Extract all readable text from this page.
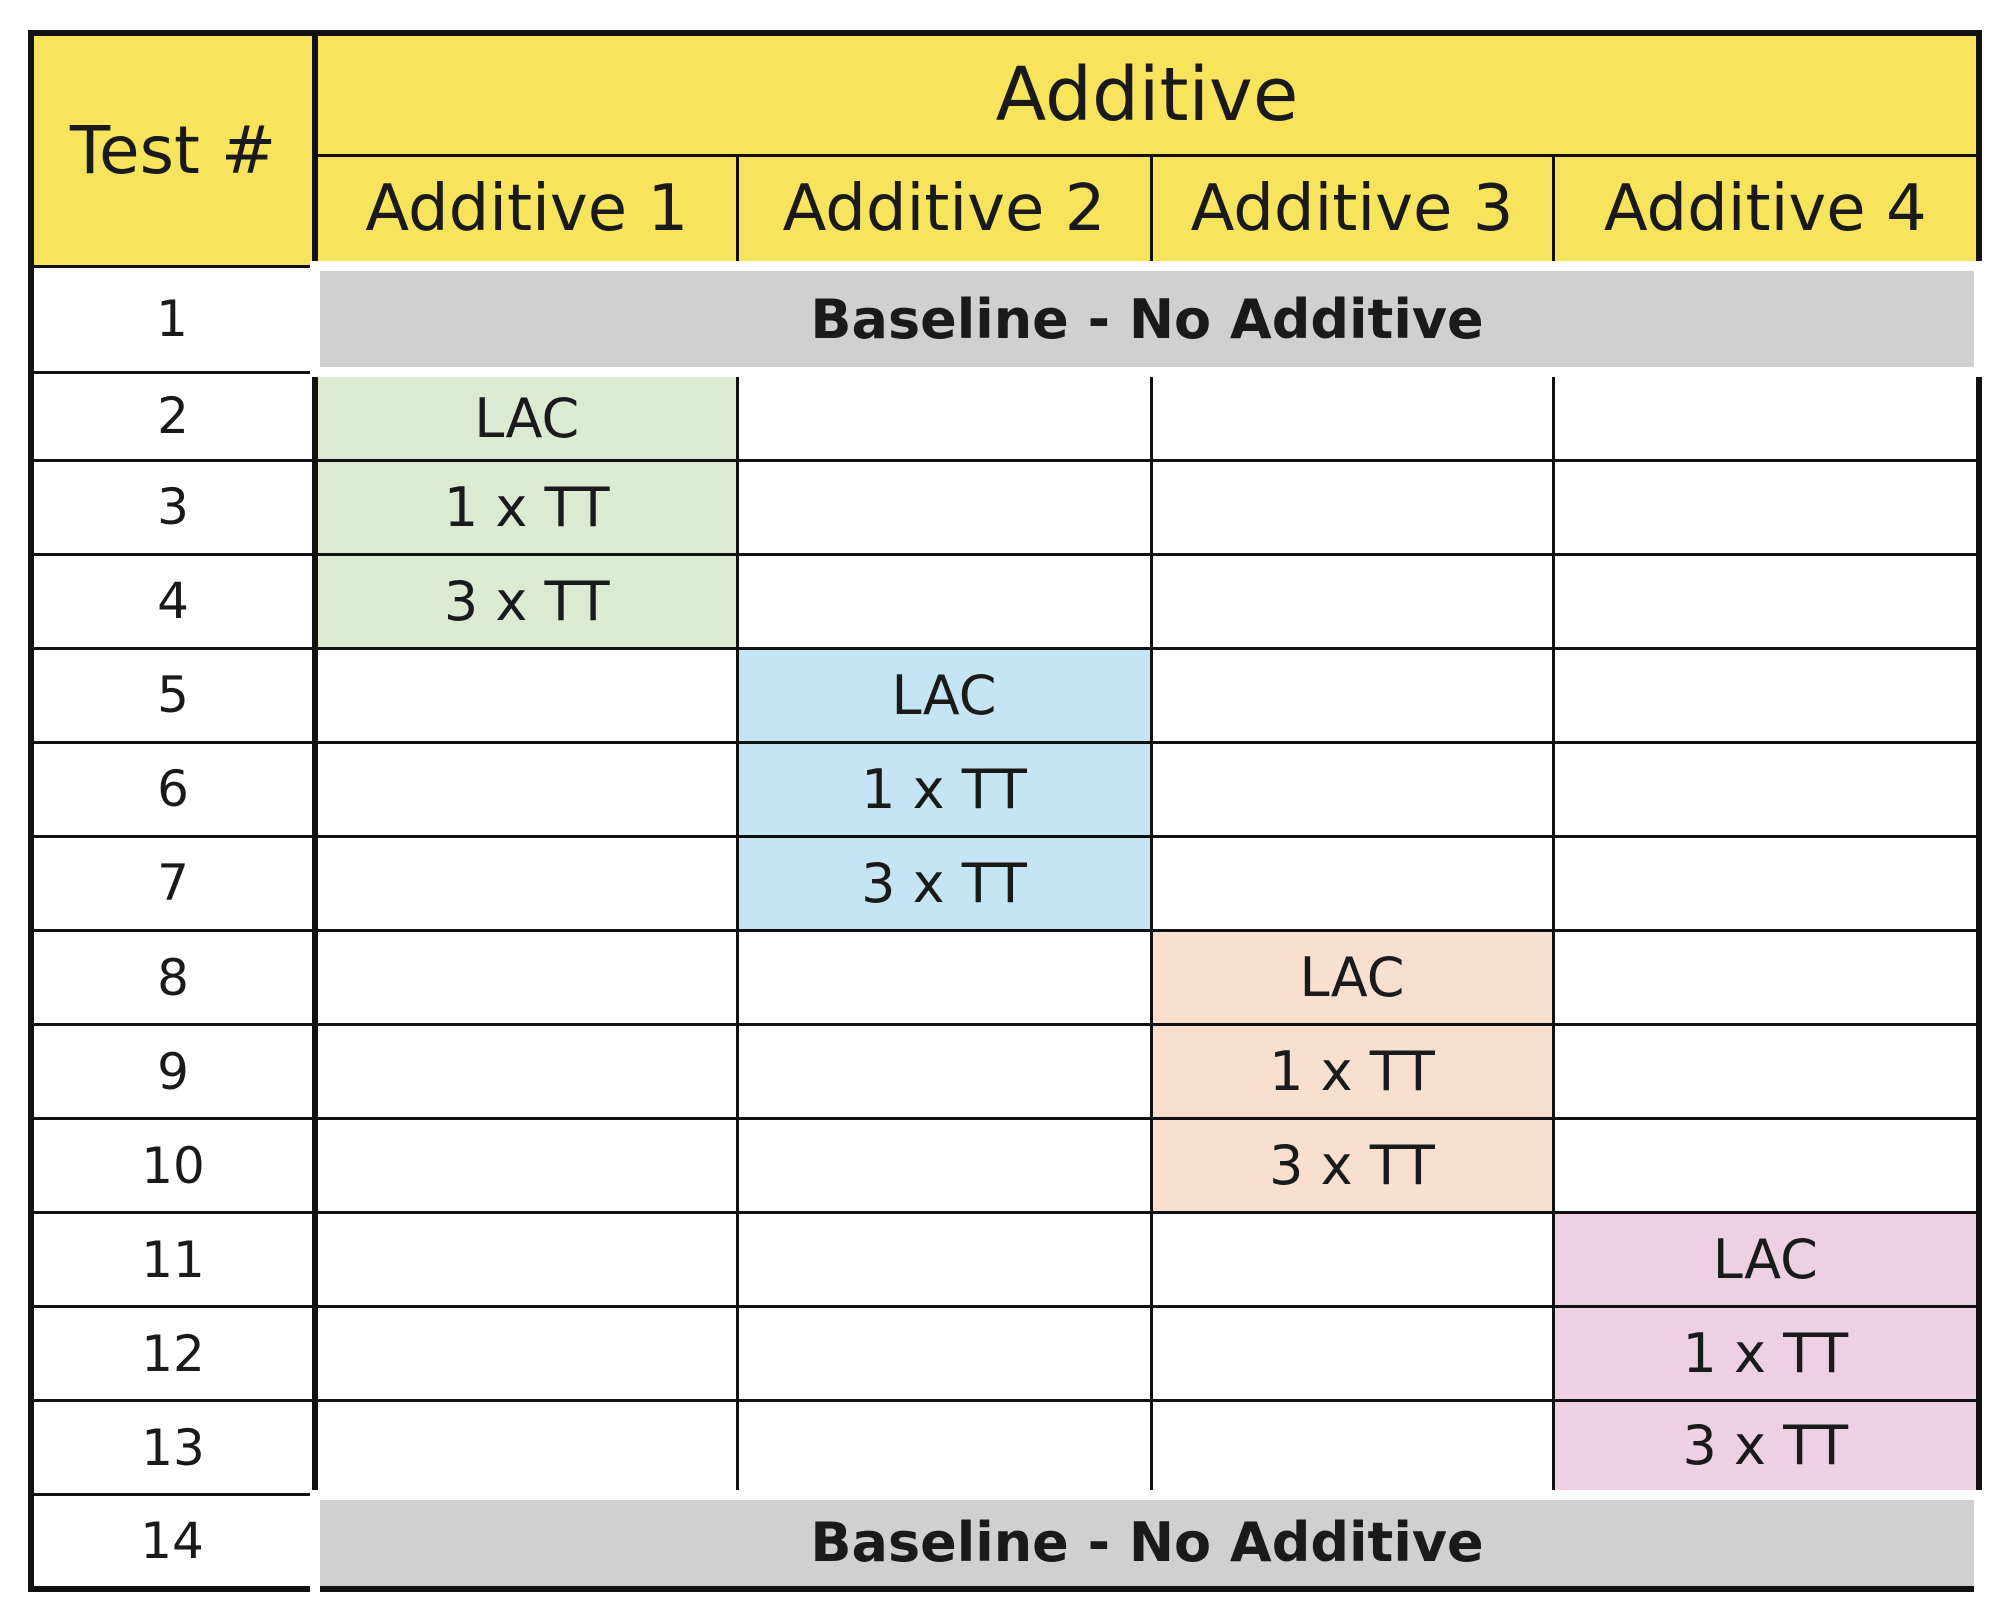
Test #	Additive			
	Additive 1	Additive 2	Additive 3	Additive 4
1	Baseline - No Additive			
2	LAC			
3	1 x TT			
4	3 x TT			
5		LAC		
6		1 x TT		
7		3 x TT		
8			LAC	
9			1 x TT	
10			3 x TT	
11				LAC
12				1 x TT
13				3 x TT
14	Baseline - No Additive			
